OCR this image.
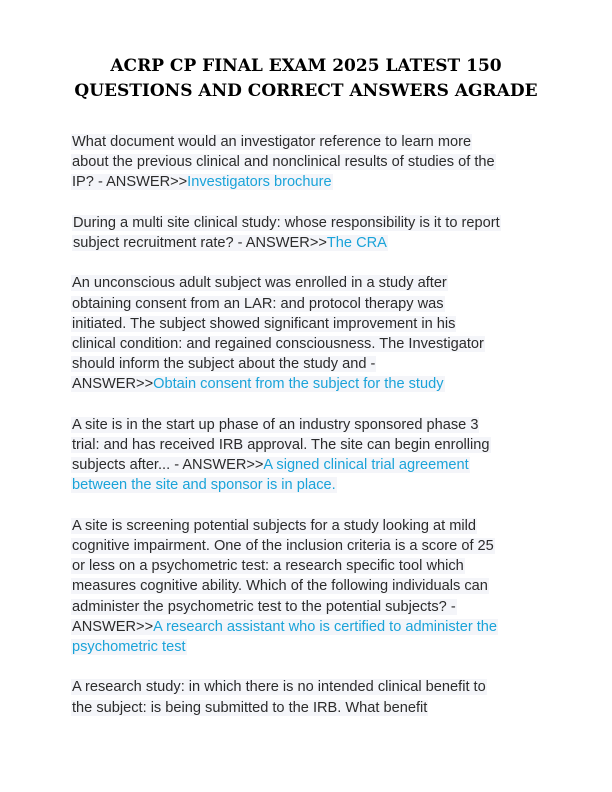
ACRP CP FINAL EXAM 2025 LATEST 150
QUESTIONS AND CORRECT ANSWERS AGRADE
What document would an investigator reference to learn more
about the previous clinical and nonclinical results of studies of the
IP? - ANSWER>>Investigators brochure
During a multi site clinical study: whose responsibility is it to report
subject recruitment rate? - ANSWER>>The CRA
An unconscious adult subject was enrolled in a study after
obtaining consent from an LAR: and protocol therapy was
initiated. The subject showed significant improvement in his
clinical condition: and regained consciousness. The Investigator
should inform the subject about the study and -
ANSWER>>Obtain consent from the subject for the study
A site is in the start up phase of an industry sponsored phase 3
trial: and has received IRB approval. The site can begin enrolling
subjects after... - ANSWER>>A signed clinical trial agreement
between the site and sponsor is in place.
A site is screening potential subjects for a study looking at mild
cognitive impairment. One of the inclusion criteria is a score of 25
or less on a psychometric test: a research specific tool which
measures cognitive ability. Which of the following individuals can
administer the psychometric test to the potential subjects? -
ANSWER>>A research assistant who is certified to administer the
psychometric test
A research study: in which there is no intended clinical benefit to
the subject: is being submitted to the IRB. What benefit
